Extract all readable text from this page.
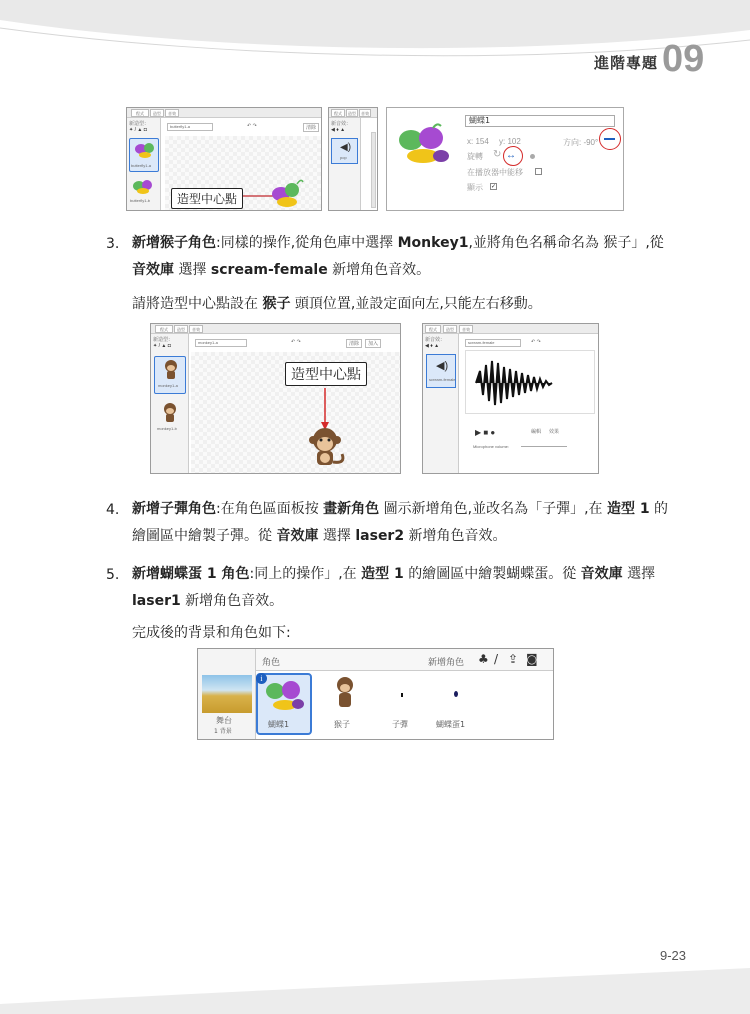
進階專題 09
程式	造型	音效
新造型：
✦ / ▲ ◘
butterfly1-a
butterfly1-b
butterfly1-a	↶ ↷	清除
造型中心點
程式	造型	音效
新音效：
◀ ♦ ▲
◀)
pop
蝴蝶1
x: 154 y: 102	方向: -90°
旋轉 ↻ ↔
在播放器中能移
顯示 ✓
3. 新增猴子角色:同樣的操作,從角色庫中選擇 Monkey1,並將角色名稱命名為 猴子」,從 音效庫 選擇 scream-female 新增角色音效。
請將造型中心點設在 猴子 頭頂位置,並設定面向左,只能左右移動。
程式	造型	音效
新造型：
✦ / ▲ ◘
monkey1-a
monkey1-b
monkey1-a	↶ ↷	清除	加入
造型中心點
程式	造型	音效
新音效：
◀ ♦ ▲
◀)
scream-female
scream-female	↶ ↷
▶ ■ ●	編輯 效果
Microphone volume:
4. 新增子彈角色:在角色區面板按 畫新角色 圖示新增角色,並改名為「子彈」,在 造型 1 的繪圖區中繪製子彈。從 音效庫 選擇 laser2 新增角色音效。
5. 新增蝴蝶蛋 1 角色:同上的操作」,在 造型 1 的繪圖區中繪製蝴蝶蛋。從 音效庫 選擇 laser1 新增角色音效。
完成後的背景和角色如下:
舞台
1 背景
角色	新增角色 ♣ / ⇪ ◙
i
蝴蝶1	猴子	子彈	蝴蝶蛋1
9-23
